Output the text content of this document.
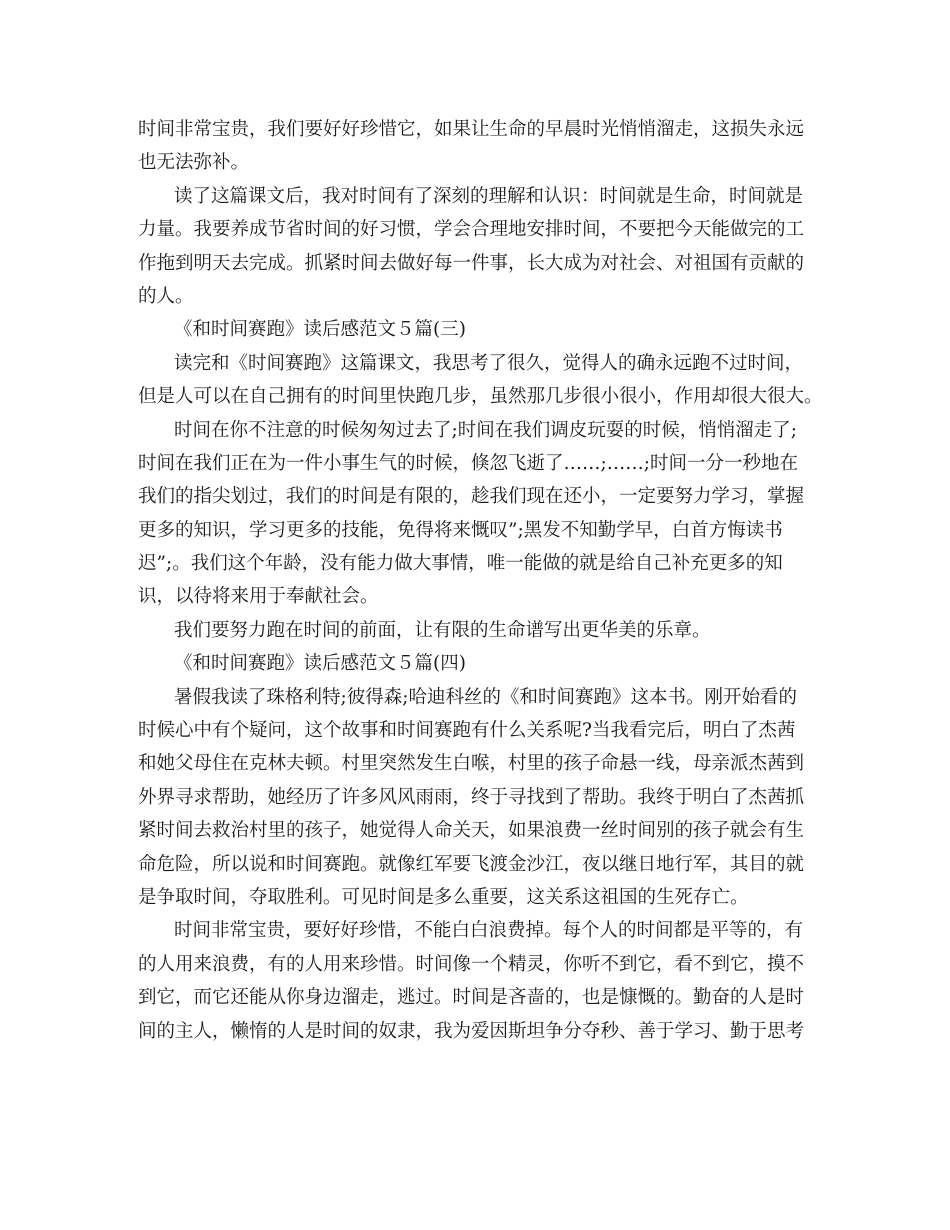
时间非常宝贵，我们要好好珍惜它，如果让生命的早晨时光悄悄溜走，这损失永远
也无法弥补。
读了这篇课文后，我对时间有了深刻的理解和认识：时间就是生命，时间就是
力量。我要养成节省时间的好习惯，学会合理地安排时间，不要把今天能做完的工
作拖到明天去完成。抓紧时间去做好每一件事，长大成为对社会、对祖国有贡献的
的人。
《和时间赛跑》读后感范文５篇(三)
读完和《时间赛跑》这篇课文，我思考了很久，觉得人的确永远跑不过时间，
但是人可以在自己拥有的时间里快跑几步，虽然那几步很小很小，作用却很大很大。
时间在你不注意的时候匆匆过去了;时间在我们调皮玩耍的时候，悄悄溜走了;
时间在我们正在为一件小事生气的时候，倏忽飞逝了……;……;时间一分一秒地在
我们的指尖划过，我们的时间是有限的，趁我们现在还小，一定要努力学习，掌握
更多的知识，学习更多的技能，免得将来慨叹”;黑发不知勤学早，白首方悔读书
迟”;。我们这个年龄，没有能力做大事情，唯一能做的就是给自己补充更多的知
识，以待将来用于奉献社会。
我们要努力跑在时间的前面，让有限的生命谱写出更华美的乐章。
《和时间赛跑》读后感范文５篇(四)
暑假我读了珠格利特;彼得森;哈迪科丝的《和时间赛跑》这本书。刚开始看的
时候心中有个疑问，这个故事和时间赛跑有什么关系呢?当我看完后，明白了杰茜
和她父母住在克林夫顿。村里突然发生白喉，村里的孩子命悬一线，母亲派杰茜到
外界寻求帮助，她经历了许多风风雨雨，终于寻找到了帮助。我终于明白了杰茜抓
紧时间去救治村里的孩子，她觉得人命关天，如果浪费一丝时间别的孩子就会有生
命危险，所以说和时间赛跑。就像红军要飞渡金沙江，夜以继日地行军，其目的就
是争取时间，夺取胜利。可见时间是多么重要，这关系这祖国的生死存亡。
时间非常宝贵，要好好珍惜，不能白白浪费掉。每个人的时间都是平等的，有
的人用来浪费，有的人用来珍惜。时间像一个精灵，你听不到它，看不到它，摸不
到它，而它还能从你身边溜走，逃过。时间是吝啬的，也是慷慨的。勤奋的人是时
间的主人，懒惰的人是时间的奴隶，我为爱因斯坦争分夺秒、善于学习、勤于思考
